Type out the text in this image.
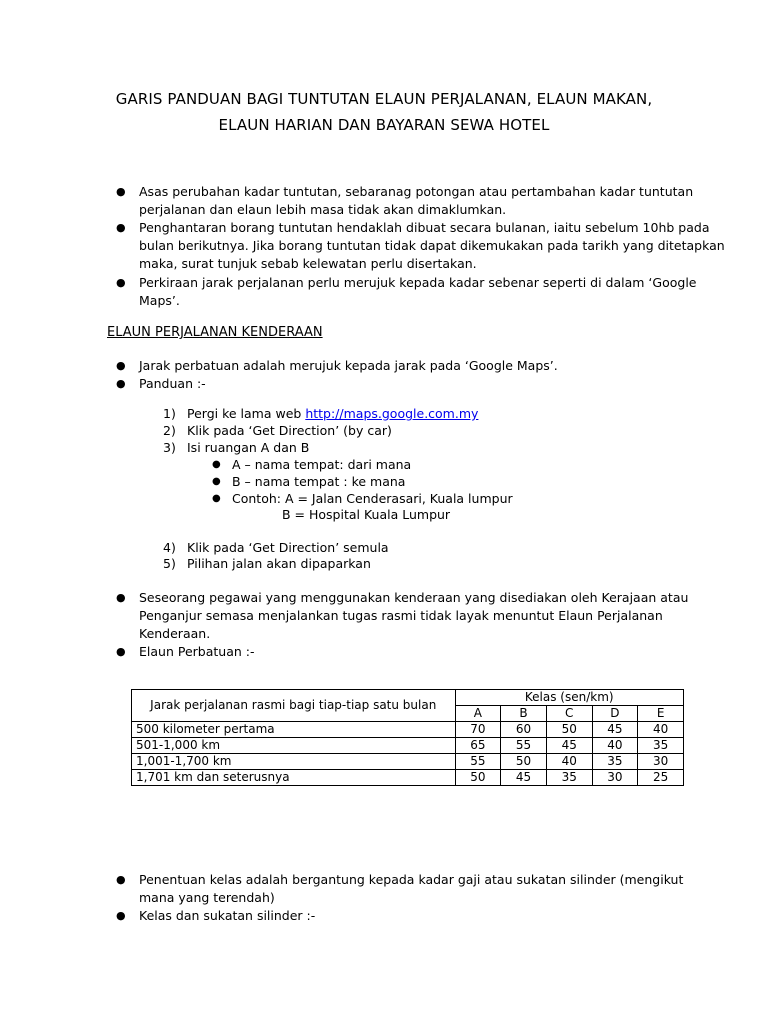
GARIS PANDUAN BAGI TUNTUTAN ELAUN PERJALANAN, ELAUN MAKAN,
ELAUN HARIAN DAN BAYARAN SEWA HOTEL
● Asas perubahan kadar tuntutan, sebaranag potongan atau pertambahan kadar tuntutan
perjalanan dan elaun lebih masa tidak akan dimaklumkan.
● Penghantaran borang tuntutan hendaklah dibuat secara bulanan, iaitu sebelum 10hb pada
bulan berikutnya. Jika borang tuntutan tidak dapat dikemukakan pada tarikh yang ditetapkan
maka, surat tunjuk sebab kelewatan perlu disertakan.
● Perkiraan jarak perjalanan perlu merujuk kepada kadar sebenar seperti di dalam ‘Google
Maps’.
ELAUN PERJALANAN KENDERAAN
● Jarak perbatuan adalah merujuk kepada jarak pada ‘Google Maps’.
● Panduan :-
1) Pergi ke lama web http://maps.google.com.my
2) Klik pada ‘Get Direction’ (by car)
3) Isi ruangan A dan B
● A – nama tempat: dari mana
● B – nama tempat : ke mana
● Contoh: A = Jalan Cenderasari, Kuala lumpur
B = Hospital Kuala Lumpur
4) Klik pada ‘Get Direction’ semula
5) Pilihan jalan akan dipaparkan
● Seseorang pegawai yang menggunakan kenderaan yang disediakan oleh Kerajaan atau
Penganjur semasa menjalankan tugas rasmi tidak layak menuntut Elaun Perjalanan
Kenderaan.
● Elaun Perbatuan :-
Jarak perjalanan rasmi bagi tiap-tiap satu bulan	Kelas (sen/km)				
	A	B	C	D	E
500 kilometer pertama	70	60	50	45	40
501-1,000 km	65	55	45	40	35
1,001-1,700 km	55	50	40	35	30
1,701 km dan seterusnya	50	45	35	30	25
● Penentuan kelas adalah bergantung kepada kadar gaji atau sukatan silinder (mengikut
mana yang terendah)
● Kelas dan sukatan silinder :-
